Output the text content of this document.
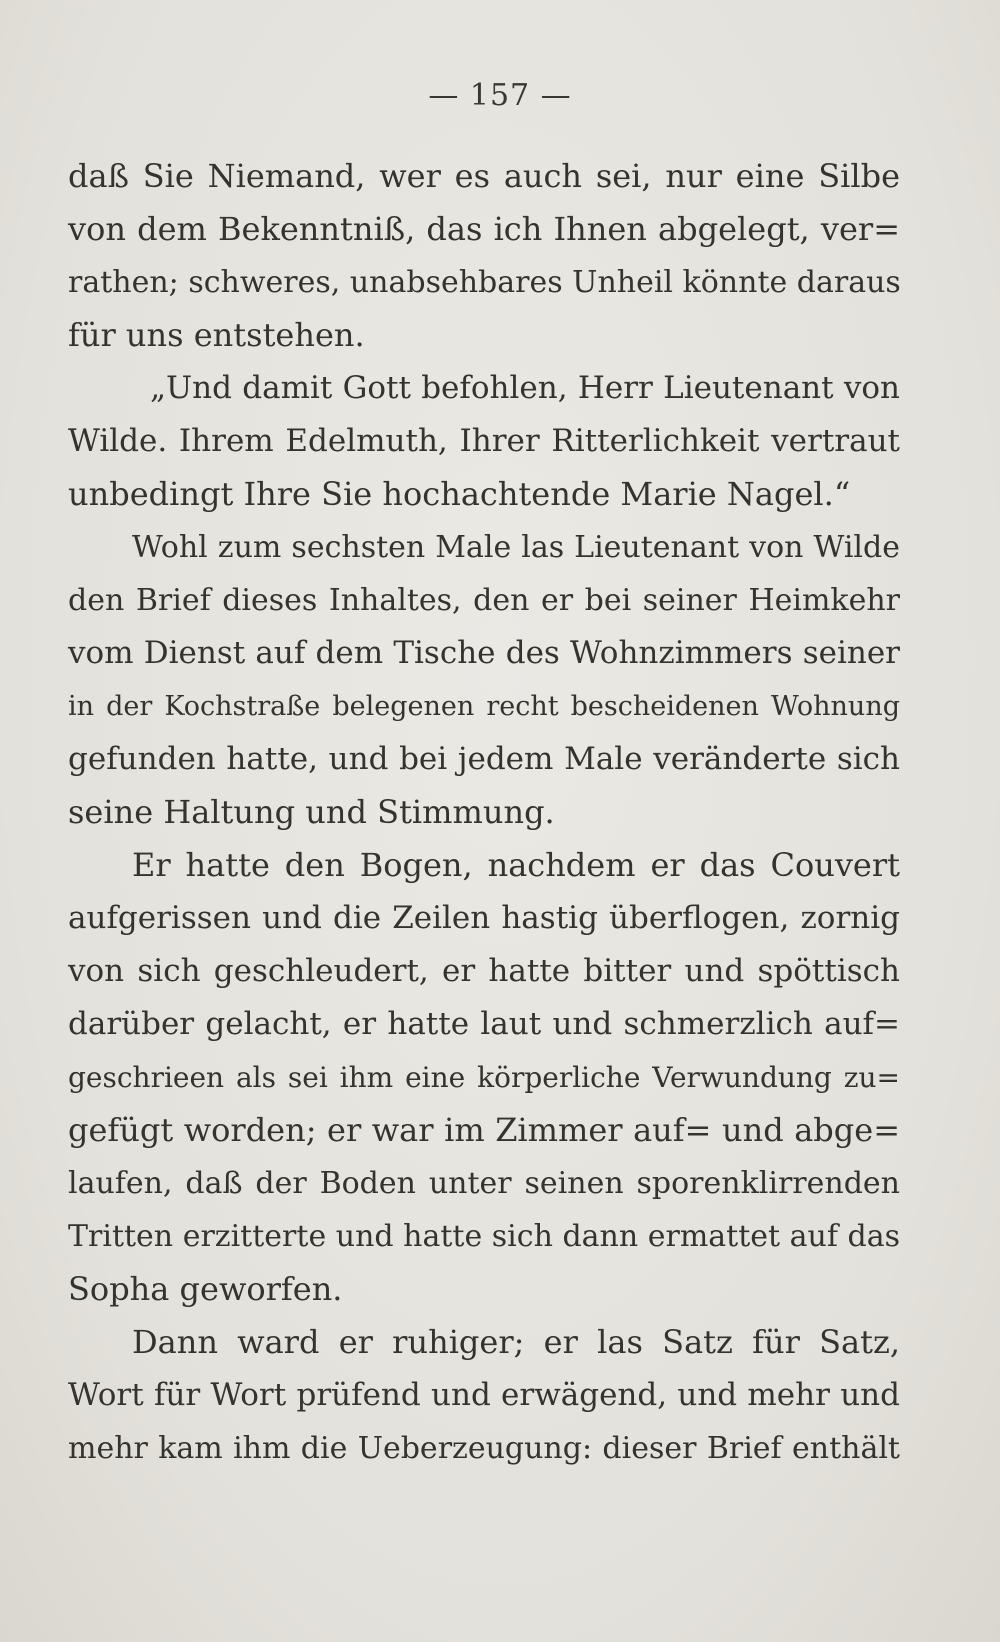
— 157 —
daß Sie Niemand, wer es auch sei, nur eine Silbe
von dem Bekenntniß, das ich Ihnen abgelegt, ver=
rathen; schweres, unabsehbares Unheil könnte daraus
für uns entstehen.
„Und damit Gott befohlen, Herr Lieutenant von
Wilde. Ihrem Edelmuth, Ihrer Ritterlichkeit vertraut
unbedingt Ihre Sie hochachtende Marie Nagel.“
Wohl zum sechsten Male las Lieutenant von Wilde
den Brief dieses Inhaltes, den er bei seiner Heimkehr
vom Dienst auf dem Tische des Wohnzimmers seiner
in der Kochstraße belegenen recht bescheidenen Wohnung
gefunden hatte, und bei jedem Male veränderte sich
seine Haltung und Stimmung.
Er hatte den Bogen, nachdem er das Couvert
aufgerissen und die Zeilen hastig überflogen, zornig
von sich geschleudert, er hatte bitter und spöttisch
darüber gelacht, er hatte laut und schmerzlich auf=
geschrieen als sei ihm eine körperliche Verwundung zu=
gefügt worden; er war im Zimmer auf= und abge=
laufen, daß der Boden unter seinen sporenklirrenden
Tritten erzitterte und hatte sich dann ermattet auf das
Sopha geworfen.
Dann ward er ruhiger; er las Satz für Satz,
Wort für Wort prüfend und erwägend, und mehr und
mehr kam ihm die Ueberzeugung: dieser Brief enthält
